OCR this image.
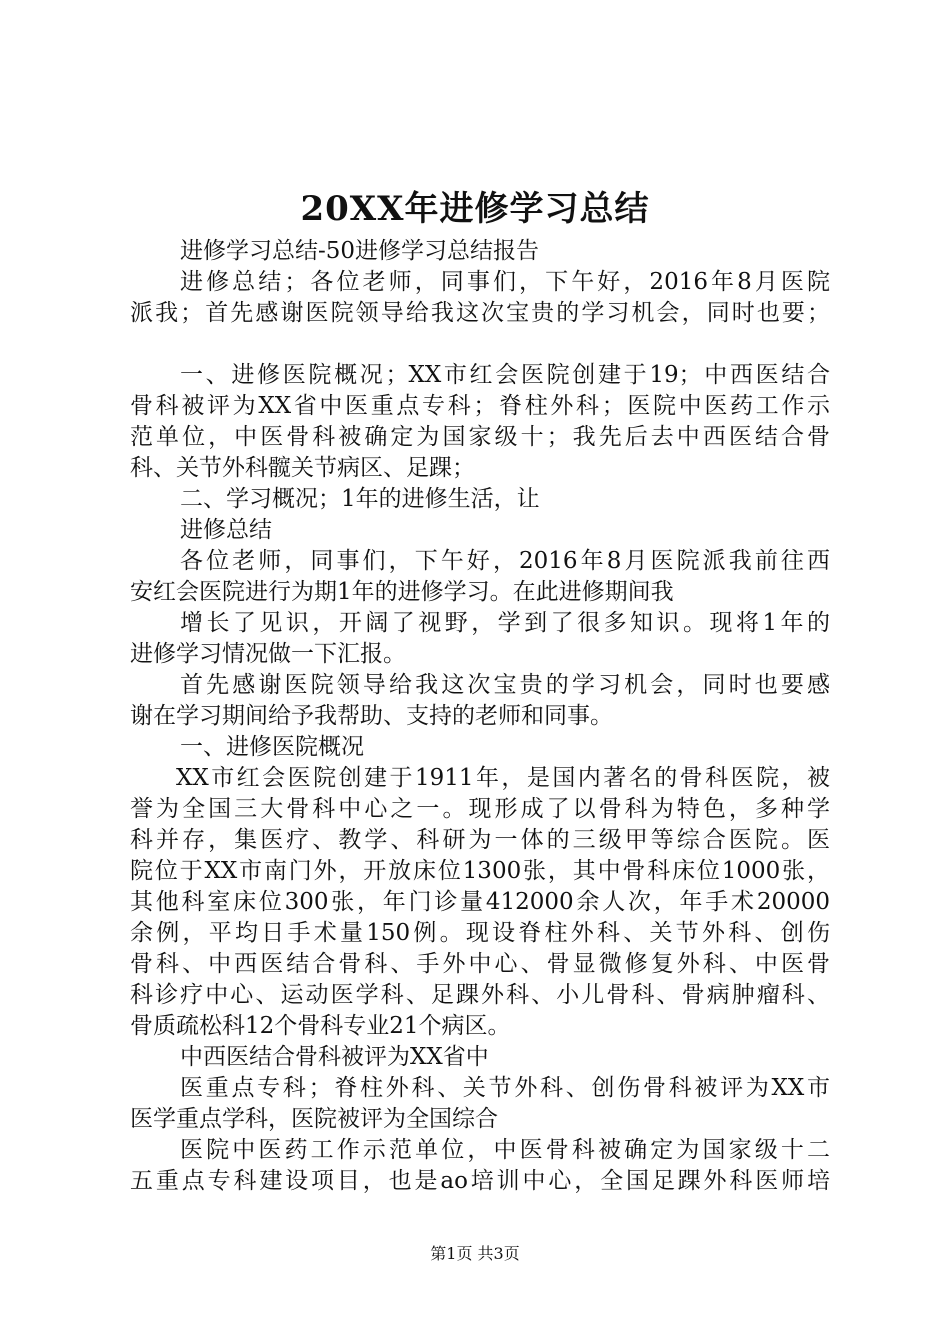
20XX年进修学习总结
进修学习总结-50进修学习总结报告
进修总结；各位老师，同事们，下午好，2016年8月医院
派我；首先感谢医院领导给我这次宝贵的学习机会，同时也要；
一、进修医院概况；XX市红会医院创建于19；中西医结合
骨科被评为XX省中医重点专科；脊柱外科；医院中医药工作示
范单位，中医骨科被确定为国家级十；我先后去中西医结合骨
科、关节外科髋关节病区、足踝；
二、学习概况；1年的进修生活，让
进修总结
各位老师，同事们，下午好，2016年8月医院派我前往西
安红会医院进行为期1年的进修学习。在此进修期间我
增长了见识，开阔了视野，学到了很多知识。现将1年的
进修学习情况做一下汇报。
首先感谢医院领导给我这次宝贵的学习机会，同时也要感
谢在学习期间给予我帮助、支持的老师和同事。
一、进修医院概况
XX市红会医院创建于1911年，是国内著名的骨科医院，被
誉为全国三大骨科中心之一。现形成了以骨科为特色，多种学
科并存，集医疗、教学、科研为一体的三级甲等综合医院。医
院位于XX市南门外，开放床位1300张，其中骨科床位1000张，
其他科室床位300张，年门诊量412000余人次，年手术20000
余例，平均日手术量150例。现设脊柱外科、关节外科、创伤
骨科、中西医结合骨科、手外中心、骨显微修复外科、中医骨
科诊疗中心、运动医学科、足踝外科、小儿骨科、骨病肿瘤科、
骨质疏松科12个骨科专业21个病区。
中西医结合骨科被评为XX省中
医重点专科；脊柱外科、关节外科、创伤骨科被评为XX市
医学重点学科，医院被评为全国综合
医院中医药工作示范单位，中医骨科被确定为国家级十二
五重点专科建设项目，也是ao培训中心，全国足踝外科医师培
第1页 共3页
